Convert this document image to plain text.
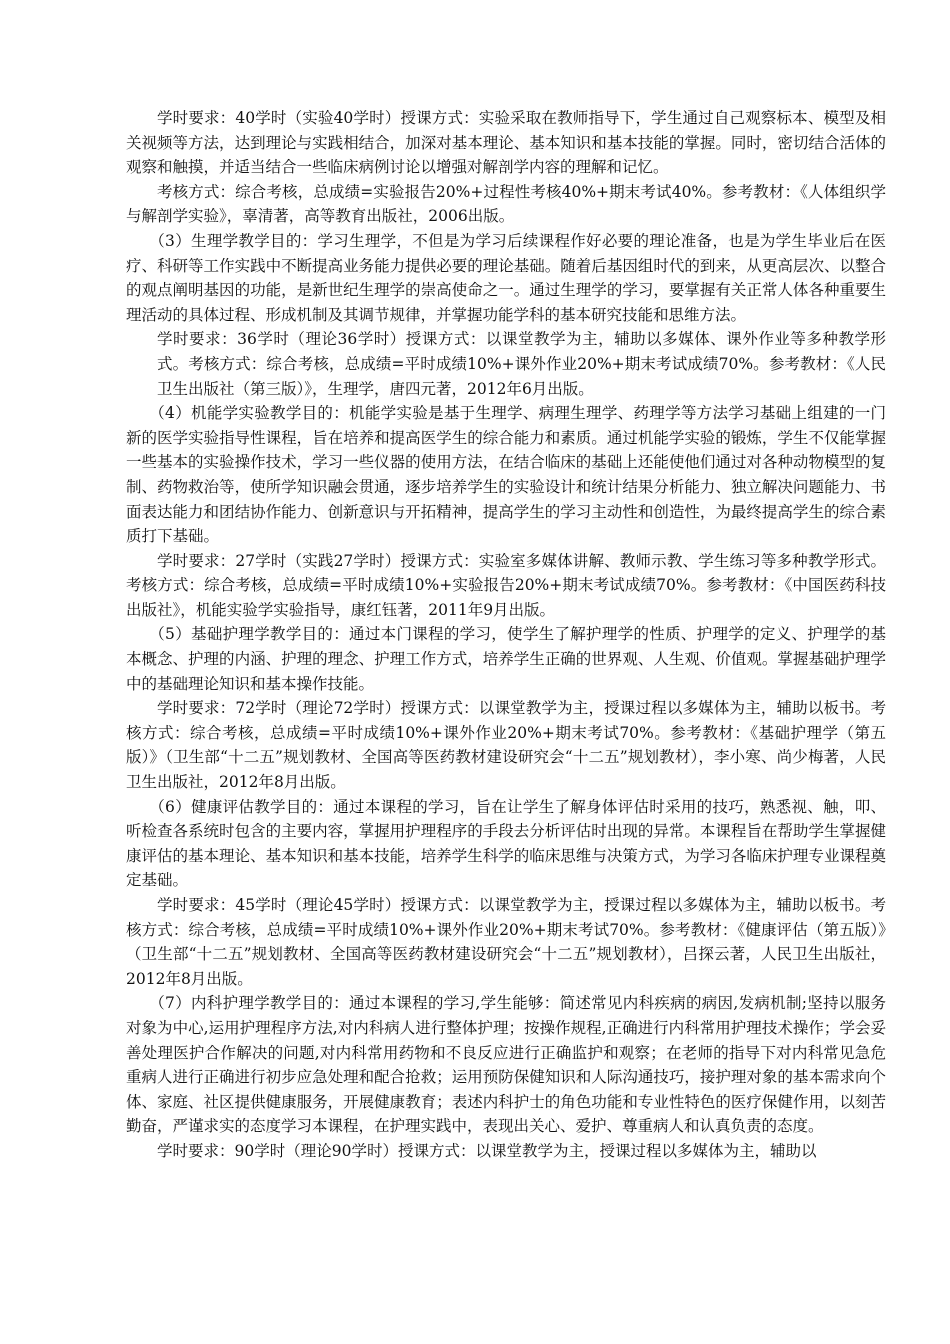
学时要求：40学时（实验40学时）授课方式：实验采取在教师指导下，学生通过自己观察标本、模型及相关视频等方法，达到理论与实践相结合，加深对基本理论、基本知识和基本技能的掌握。同时，密切结合活体的观察和触摸，并适当结合一些临床病例讨论以增强对解剖学内容的理解和记忆。

考核方式：综合考核，总成绩=实验报告20%+过程性考核40%+期末考试40%。参考教材：《人体组织学与解剖学实验》，辜清著，高等教育出版社，2006出版。

（3）生理学教学目的：学习生理学，不但是为学习后续课程作好必要的理论准备，也是为学生毕业后在医疗、科研等工作实践中不断提高业务能力提供必要的理论基础。随着后基因组时代的到来，从更高层次、以整合的观点阐明基因的功能，是新世纪生理学的崇高使命之一。通过生理学的学习，要掌握有关正常人体各种重要生理活动的具体过程、形成机制及其调节规律，并掌握功能学科的基本研究技能和思维方法。

学时要求：36学时（理论36学时）授课方式：以课堂教学为主，辅助以多媒体、课外作业等多种教学形式。考核方式：综合考核，总成绩=平时成绩10%+课外作业20%+期末考试成绩70%。参考教材：《人民卫生出版社（第三版）》，生理学，唐四元著，2012年6月出版。

（4）机能学实验教学目的：机能学实验是基于生理学、病理生理学、药理学等方法学习基础上组建的一门新的医学实验指导性课程，旨在培养和提高医学生的综合能力和素质。通过机能学实验的锻炼，学生不仅能掌握一些基本的实验操作技术，学习一些仪器的使用方法，在结合临床的基础上还能使他们通过对各种动物模型的复制、药物救治等，使所学知识融会贯通，逐步培养学生的实验设计和统计结果分析能力、独立解决问题能力、书面表达能力和团结协作能力、创新意识与开拓精神，提高学生的学习主动性和创造性，为最终提高学生的综合素质打下基础。

学时要求：27学时（实践27学时）授课方式：实验室多媒体讲解、教师示教、学生练习等多种教学形式。考核方式：综合考核，总成绩=平时成绩10%+实验报告20%+期末考试成绩70%。参考教材：《中国医药科技出版社》，机能实验学实验指导，康红钰著，2011年9月出版。

（5）基础护理学教学目的：通过本门课程的学习，使学生了解护理学的性质、护理学的定义、护理学的基本概念、护理的内涵、护理的理念、护理工作方式，培养学生正确的世界观、人生观、价值观。掌握基础护理学中的基础理论知识和基本操作技能。

学时要求：72学时（理论72学时）授课方式：以课堂教学为主，授课过程以多媒体为主，辅助以板书。考核方式：综合考核，总成绩=平时成绩10%+课外作业20%+期末考试70%。参考教材：《基础护理学（第五版）》（卫生部“十二五”规划教材、全国高等医药教材建设研究会“十二五”规划教材），李小寒、尚少梅著，人民卫生出版社，2012年8月出版。

（6）健康评估教学目的：通过本课程的学习，旨在让学生了解身体评估时采用的技巧，熟悉视、触，叩、听检查各系统时包含的主要内容，掌握用护理程序的手段去分析评估时出现的异常。本课程旨在帮助学生掌握健康评估的基本理论、基本知识和基本技能，培养学生科学的临床思维与决策方式，为学习各临床护理专业课程奠定基础。

学时要求：45学时（理论45学时）授课方式：以课堂教学为主，授课过程以多媒体为主，辅助以板书。考核方式：综合考核，总成绩=平时成绩10%+课外作业20%+期末考试70%。参考教材：《健康评估（第五版）》（卫生部“十二五”规划教材、全国高等医药教材建设研究会“十二五”规划教材），吕探云著，人民卫生出版社，2012年8月出版。

（7）内科护理学教学目的：通过本课程的学习,学生能够：简述常见内科疾病的病因,发病机制;坚持以服务对象为中心,运用护理程序方法,对内科病人进行整体护理；按操作规程,正确进行内科常用护理技术操作；学会妥善处理医护合作解决的问题,对内科常用药物和不良反应进行正确监护和观察；在老师的指导下对内科常见急危重病人进行正确进行初步应急处理和配合抢救；运用预防保健知识和人际沟通技巧，接护理对象的基本需求向个体、家庭、社区提供健康服务，开展健康教育；表述内科护士的角色功能和专业性特色的医疗保健作用，以刻苦勤奋，严谨求实的态度学习本课程，在护理实践中，表现出关心、爱护、尊重病人和认真负责的态度。

学时要求：90学时（理论90学时）授课方式：以课堂教学为主，授课过程以多媒体为主，辅助以
